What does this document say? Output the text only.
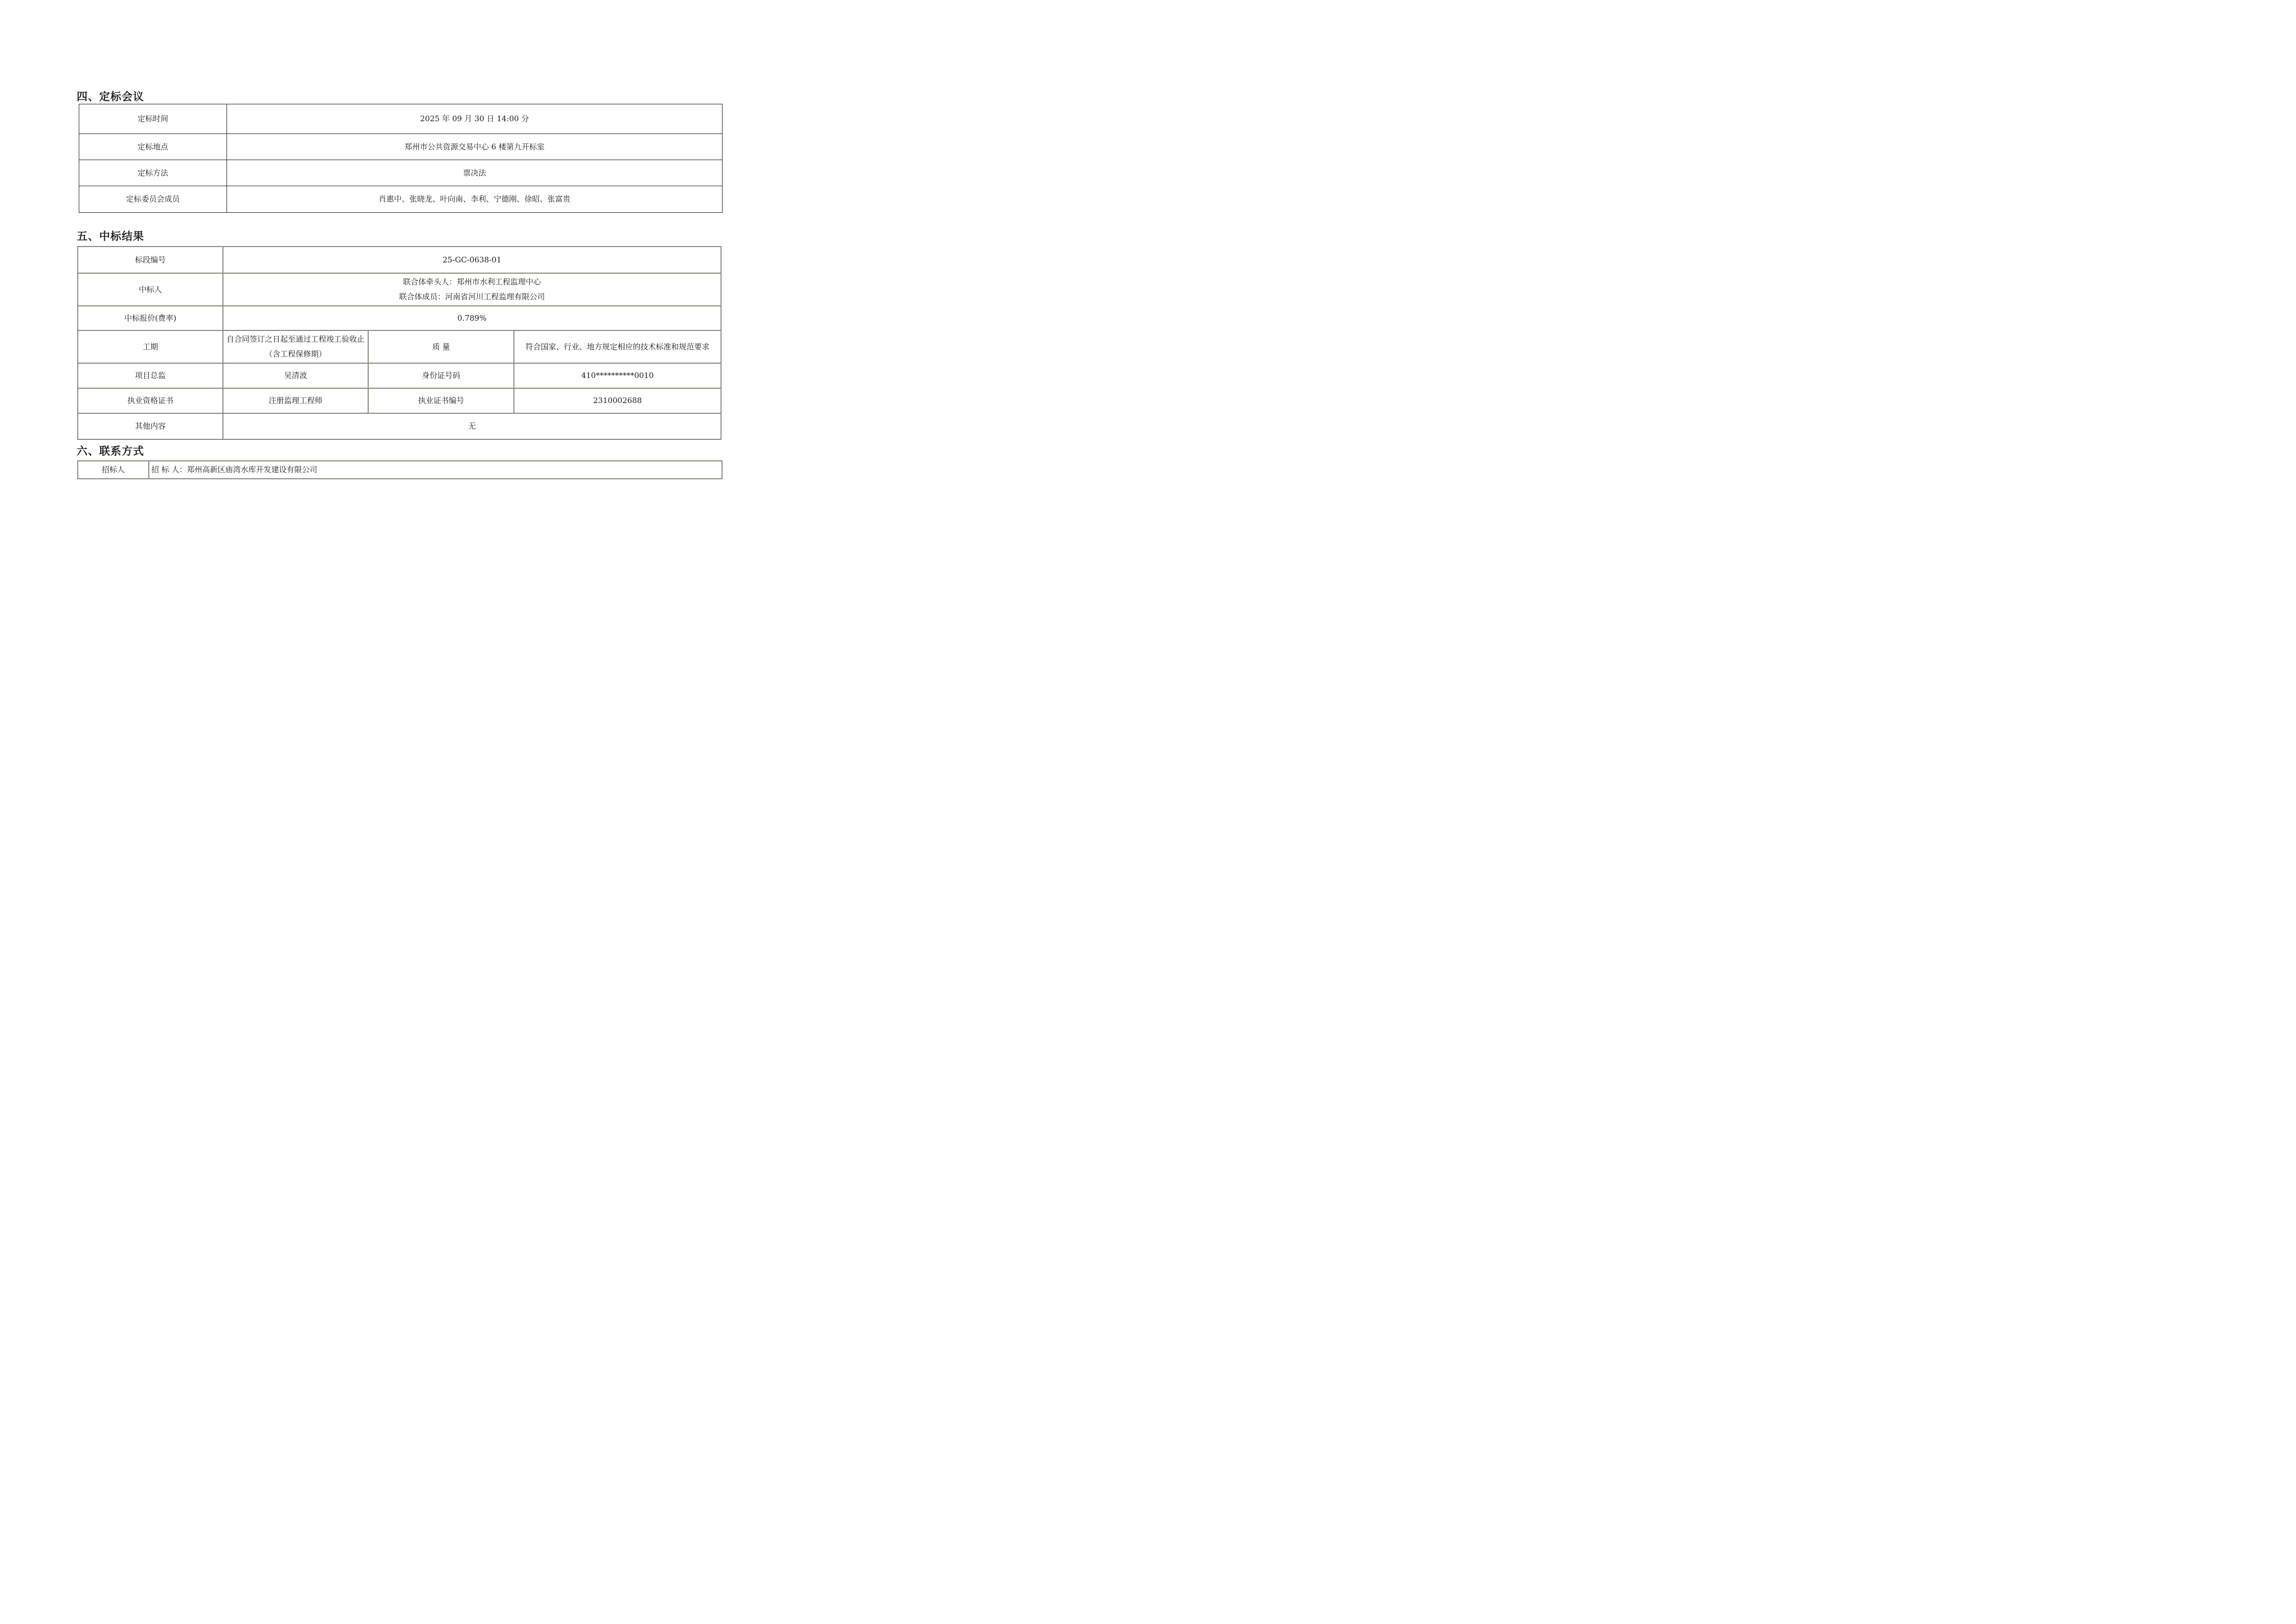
四、定标会议
定标时间	2025 年 09 月 30 日 14:00 分
定标地点	郑州市公共资源交易中心 6 楼第九开标室
定标方法	票决法
定标委员会成员	肖惠中、张晓龙、叶向南、李利、宁德刚、徐昭、张富贵
五、中标结果
标段编号	25-GC-0638-01		
中标人	联合体牵头人：郑州市水利工程监理中心
联合体成员：河南省河川工程监理有限公司		

中标报价(费率)	0.789%		
工期	自合同签订之日起至通过工程竣工验收止（含工程保修期）	质 量	符合国家、行业、地方规定相应的技术标准和规范要求
项目总监	吴清波	身份证号码	410**********0010
执业资格证书	注册监理工程师	执业证书编号	2310002688
其他内容	无		
六、联系方式
招标人	招 标 人：郑州高新区庙湾水库开发建设有限公司
